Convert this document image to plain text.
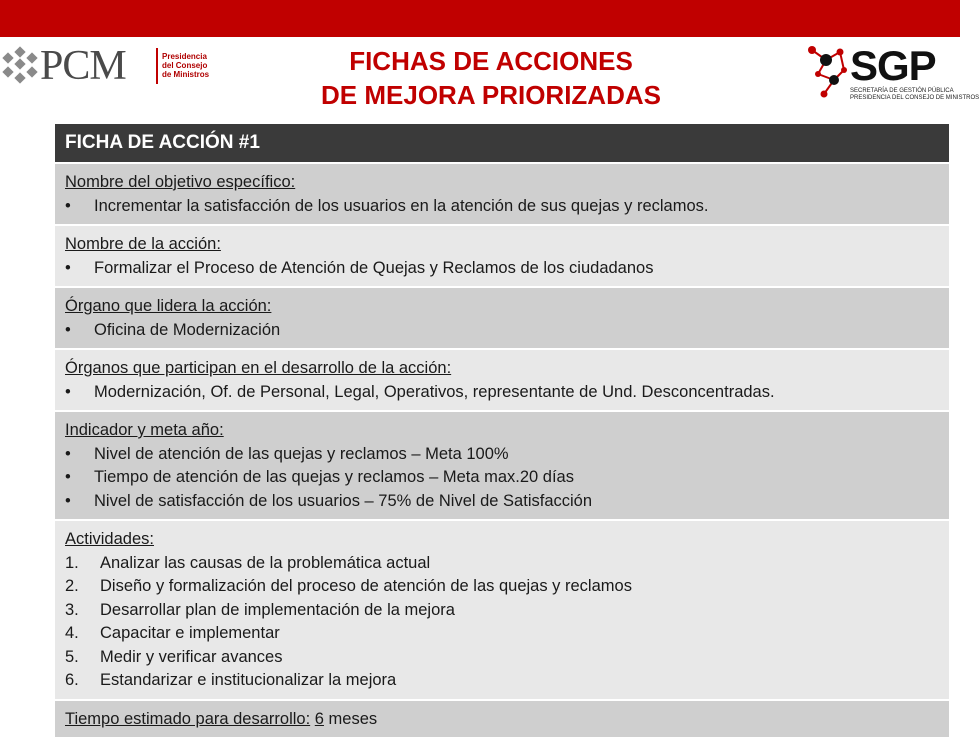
PCM	Presidencia
del Consejo
de Ministros	FICHAS DE ACCIONES
DE MEJORA PRIORIZADAS
SGP
SECRETARÍA DE GESTIÓN PÚBLICA
PRESIDENCIA DEL CONSEJO DE MINISTROS
FICHA DE ACCIÓN #1
Nombre del objetivo específico:
•	Incrementar la satisfacción de los usuarios en la atención de sus quejas y reclamos.
Nombre de la acción:
•	Formalizar el Proceso de Atención de Quejas y Reclamos de los ciudadanos
Órgano que lidera la acción:
•	Oficina de Modernización
Órganos que participan en el desarrollo de la acción:
•	Modernización, Of. de Personal, Legal, Operativos, representante de Und. Desconcentradas.
Indicador y meta año:
•	Nivel de atención de las quejas y reclamos – Meta 100%
•	Tiempo de atención de las quejas y reclamos – Meta max.20 días
•	Nivel de satisfacción de los usuarios – 75% de Nivel de Satisfacción
Actividades:
1.	Analizar las causas de la problemática actual
2.	Diseño y formalización del proceso de atención de las quejas y reclamos
3.	Desarrollar plan de implementación de la mejora
4.	Capacitar e implementar
5.	Medir y verificar avances
6.	Estandarizar e institucionalizar la mejora
Tiempo estimado para desarrollo: 6 meses
